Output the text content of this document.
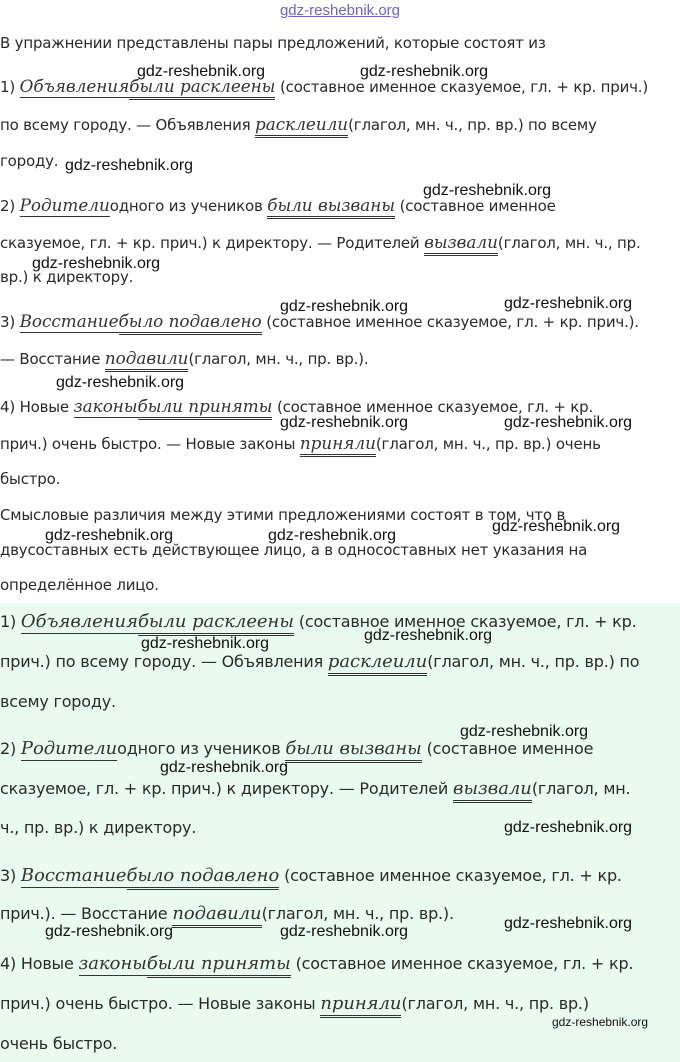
gdz-reshebnik.org
В упражнении представлены пары предложений, которые состоят из
1) Объявлениябыли расклеены (составное именное сказуемое, гл. + кр. прич.)
по всему городу. — Объявления расклеили(глагол, мн. ч., пр. вр.) по всему
городу.
2) Родителиодного из учеников были вызваны (составное именное
сказуемое, гл. + кр. прич.) к директору. — Родителей вызвали(глагол, мн. ч., пр.
вр.) к директору.
3) Восстаниебыло подавлено (составное именное сказуемое, гл. + кр. прич.).
— Восстание подавили(глагол, мн. ч., пр. вр.).
4) Новые законыбыли приняты (составное именное сказуемое, гл. + кр.
прич.) очень быстро. — Новые законы приняли(глагол, мн. ч., пр. вр.) очень
быстро.
Смысловые различия между этими предложениями состоят в том, что в
двусоставных есть действующее лицо, а в односоставных нет указания на
определённое лицо.
1) Объявлениябыли расклеены (составное именное сказуемое, гл. + кр.
прич.) по всему городу. — Объявления расклеили(глагол, мн. ч., пр. вр.) по
всему городу.
2) Родителиодного из учеников были вызваны (составное именное
сказуемое, гл. + кр. прич.) к директору. — Родителей вызвали(глагол, мн.
ч., пр. вр.) к директору.
3) Восстаниебыло подавлено (составное именное сказуемое, гл. + кр.
прич.). — Восстание подавили(глагол, мн. ч., пр. вр.).
4) Новые законыбыли приняты (составное именное сказуемое, гл. + кр.
прич.) очень быстро. — Новые законы приняли(глагол, мн. ч., пр. вр.)
очень быстро.
gdz-reshebnik.org	gdz-reshebnik.org
gdz-reshebnik.org
gdz-reshebnik.org
gdz-reshebnik.org
gdz-reshebnik.org	gdz-reshebnik.org
gdz-reshebnik.org
gdz-reshebnik.org	gdz-reshebnik.org
gdz-reshebnik.org
gdz-reshebnik.org	gdz-reshebnik.org
gdz-reshebnik.org	gdz-reshebnik.org
gdz-reshebnik.org
gdz-reshebnik.org
gdz-reshebnik.org
gdz-reshebnik.org	gdz-reshebnik.org	gdz-reshebnik.org
gdz-reshebnik.org
